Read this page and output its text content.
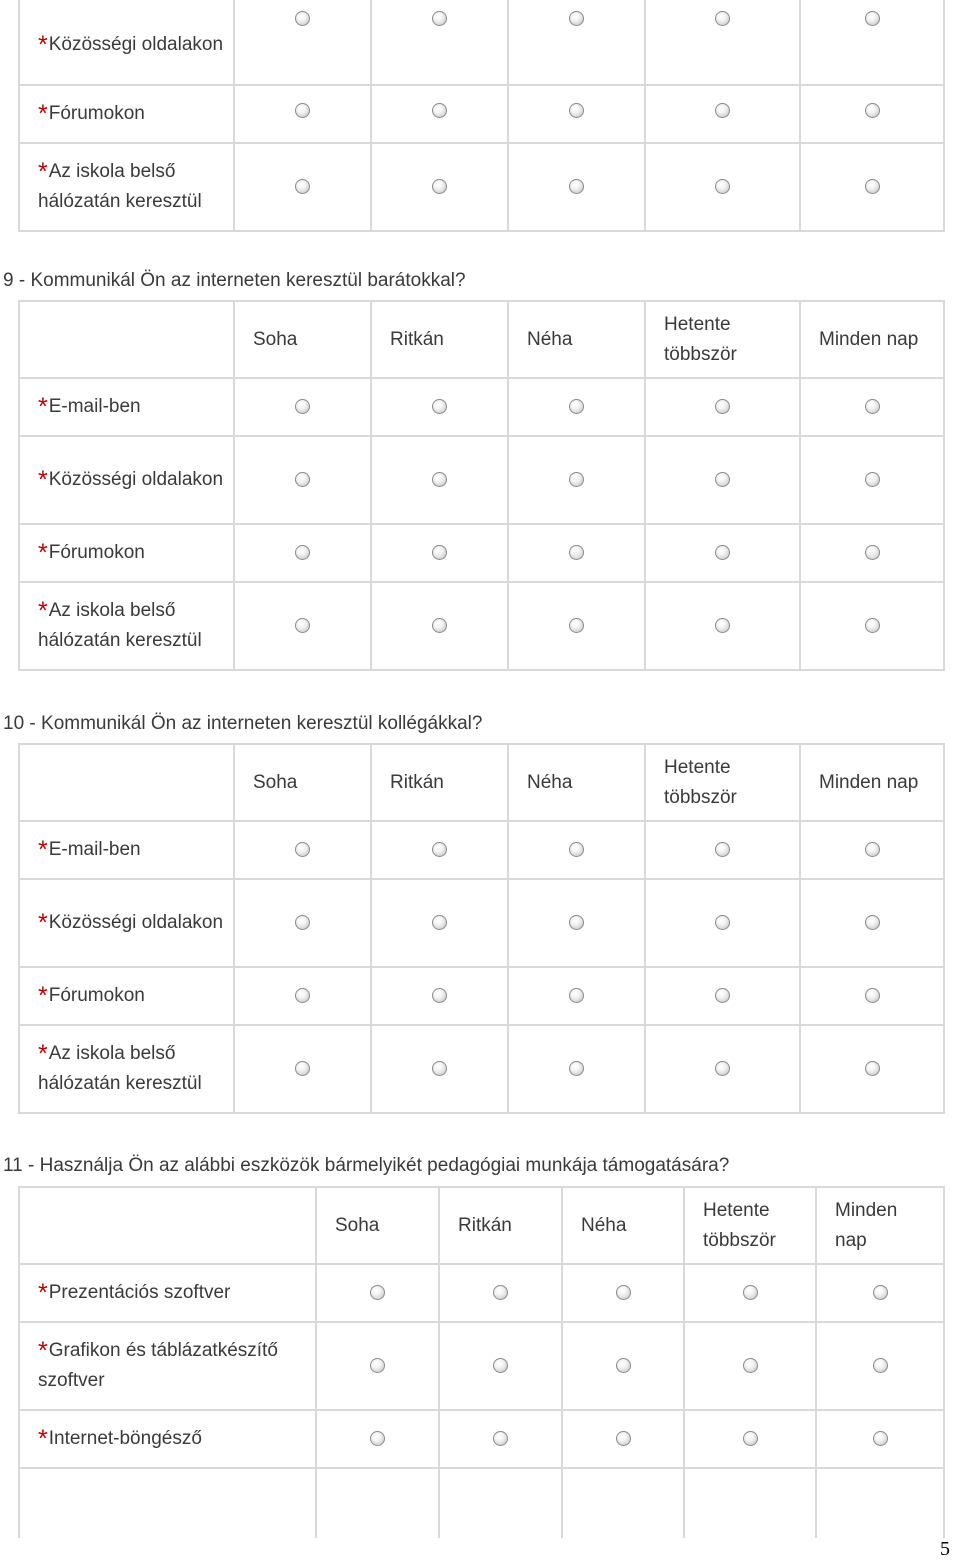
*Közösségi oldalakon					
*Fórumokon					
*Az iskola belső hálózatán keresztül					
9 - Kommunikál Ön az interneten keresztül barátokkal?
	Soha	Ritkán	Néha	Hetente többször	Minden nap
*E-mail-ben					
*Közösségi oldalakon					
*Fórumokon					
*Az iskola belső hálózatán keresztül					
10 - Kommunikál Ön az interneten keresztül kollégákkal?
	Soha	Ritkán	Néha	Hetente többször	Minden nap
*E-mail-ben					
*Közösségi oldalakon					
*Fórumokon					
*Az iskola belső hálózatán keresztül					
11 - Használja Ön az alábbi eszközök bármelyikét pedagógiai munkája támogatására?
	Soha	Ritkán	Néha	Hetente többször	Minden nap
*Prezentációs szoftver					
*Grafikon és táblázatkészítő szoftver					
*Internet-böngésző					

5
